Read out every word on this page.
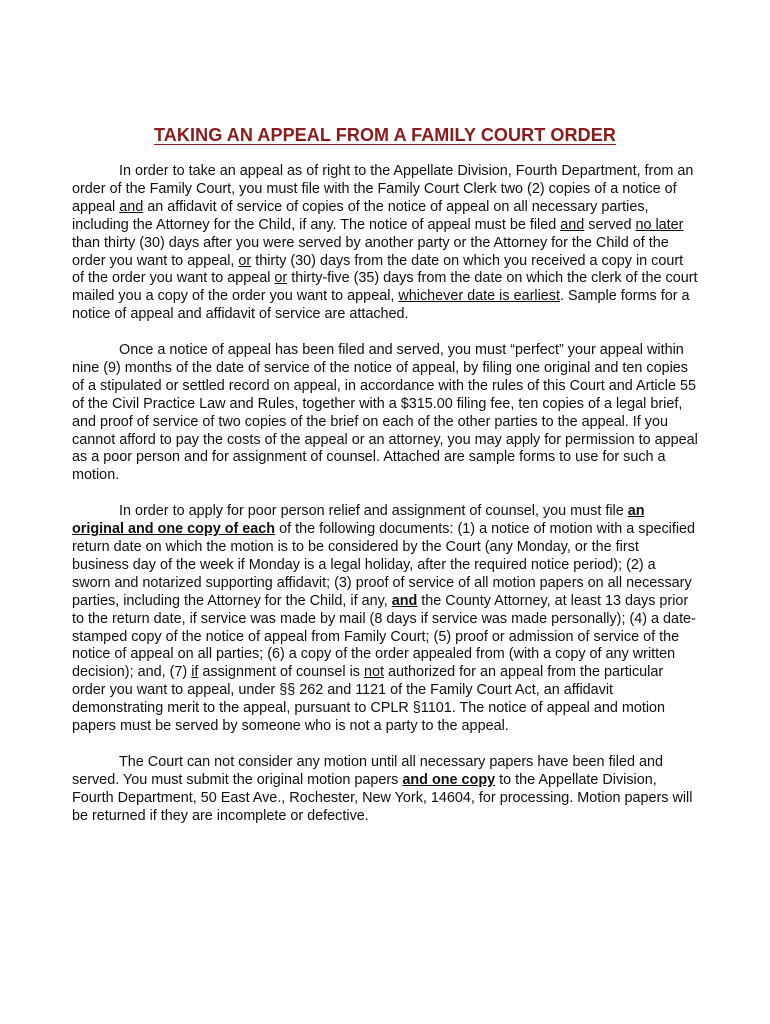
TAKING AN APPEAL FROM A FAMILY COURT ORDER

In order to take an appeal as of right to the Appellate Division, Fourth Department, from an order of the Family Court, you must file with the Family Court Clerk two (2) copies of a notice of appeal and an affidavit of service of copies of the notice of appeal on all necessary parties, including the Attorney for the Child, if any. The notice of appeal must be filed and served no later than thirty (30) days after you were served by another party or the Attorney for the Child of the order you want to appeal, or thirty (30) days from the date on which you received a copy in court of the order you want to appeal or thirty-five (35) days from the date on which the clerk of the court mailed you a copy of the order you want to appeal, whichever date is earliest. Sample forms for a notice of appeal and affidavit of service are attached.

Once a notice of appeal has been filed and served, you must “perfect” your appeal within nine (9) months of the date of service of the notice of appeal, by filing one original and ten copies of a stipulated or settled record on appeal, in accordance with the rules of this Court and Article 55 of the Civil Practice Law and Rules, together with a $315.00 filing fee, ten copies of a legal brief, and proof of service of two copies of the brief on each of the other parties to the appeal. If you cannot afford to pay the costs of the appeal or an attorney, you may apply for permission to appeal as a poor person and for assignment of counsel. Attached are sample forms to use for such a motion.

In order to apply for poor person relief and assignment of counsel, you must file an original and one copy of each of the following documents: (1) a notice of motion with a specified return date on which the motion is to be considered by the Court (any Monday, or the first business day of the week if Monday is a legal holiday, after the required notice period); (2) a sworn and notarized supporting affidavit; (3) proof of service of all motion papers on all necessary parties, including the Attorney for the Child, if any, and the County Attorney, at least 13 days prior to the return date, if service was made by mail (8 days if service was made personally); (4) a date-stamped copy of the notice of appeal from Family Court; (5) proof or admission of service of the notice of appeal on all parties; (6) a copy of the order appealed from (with a copy of any written decision); and, (7) if assignment of counsel is not authorized for an appeal from the particular order you want to appeal, under §§ 262 and 1121 of the Family Court Act, an affidavit demonstrating merit to the appeal, pursuant to CPLR §1101. The notice of appeal and motion papers must be served by someone who is not a party to the appeal.

The Court can not consider any motion until all necessary papers have been filed and served. You must submit the original motion papers and one copy to the Appellate Division, Fourth Department, 50 East Ave., Rochester, New York, 14604, for processing. Motion papers will be returned if they are incomplete or defective.
